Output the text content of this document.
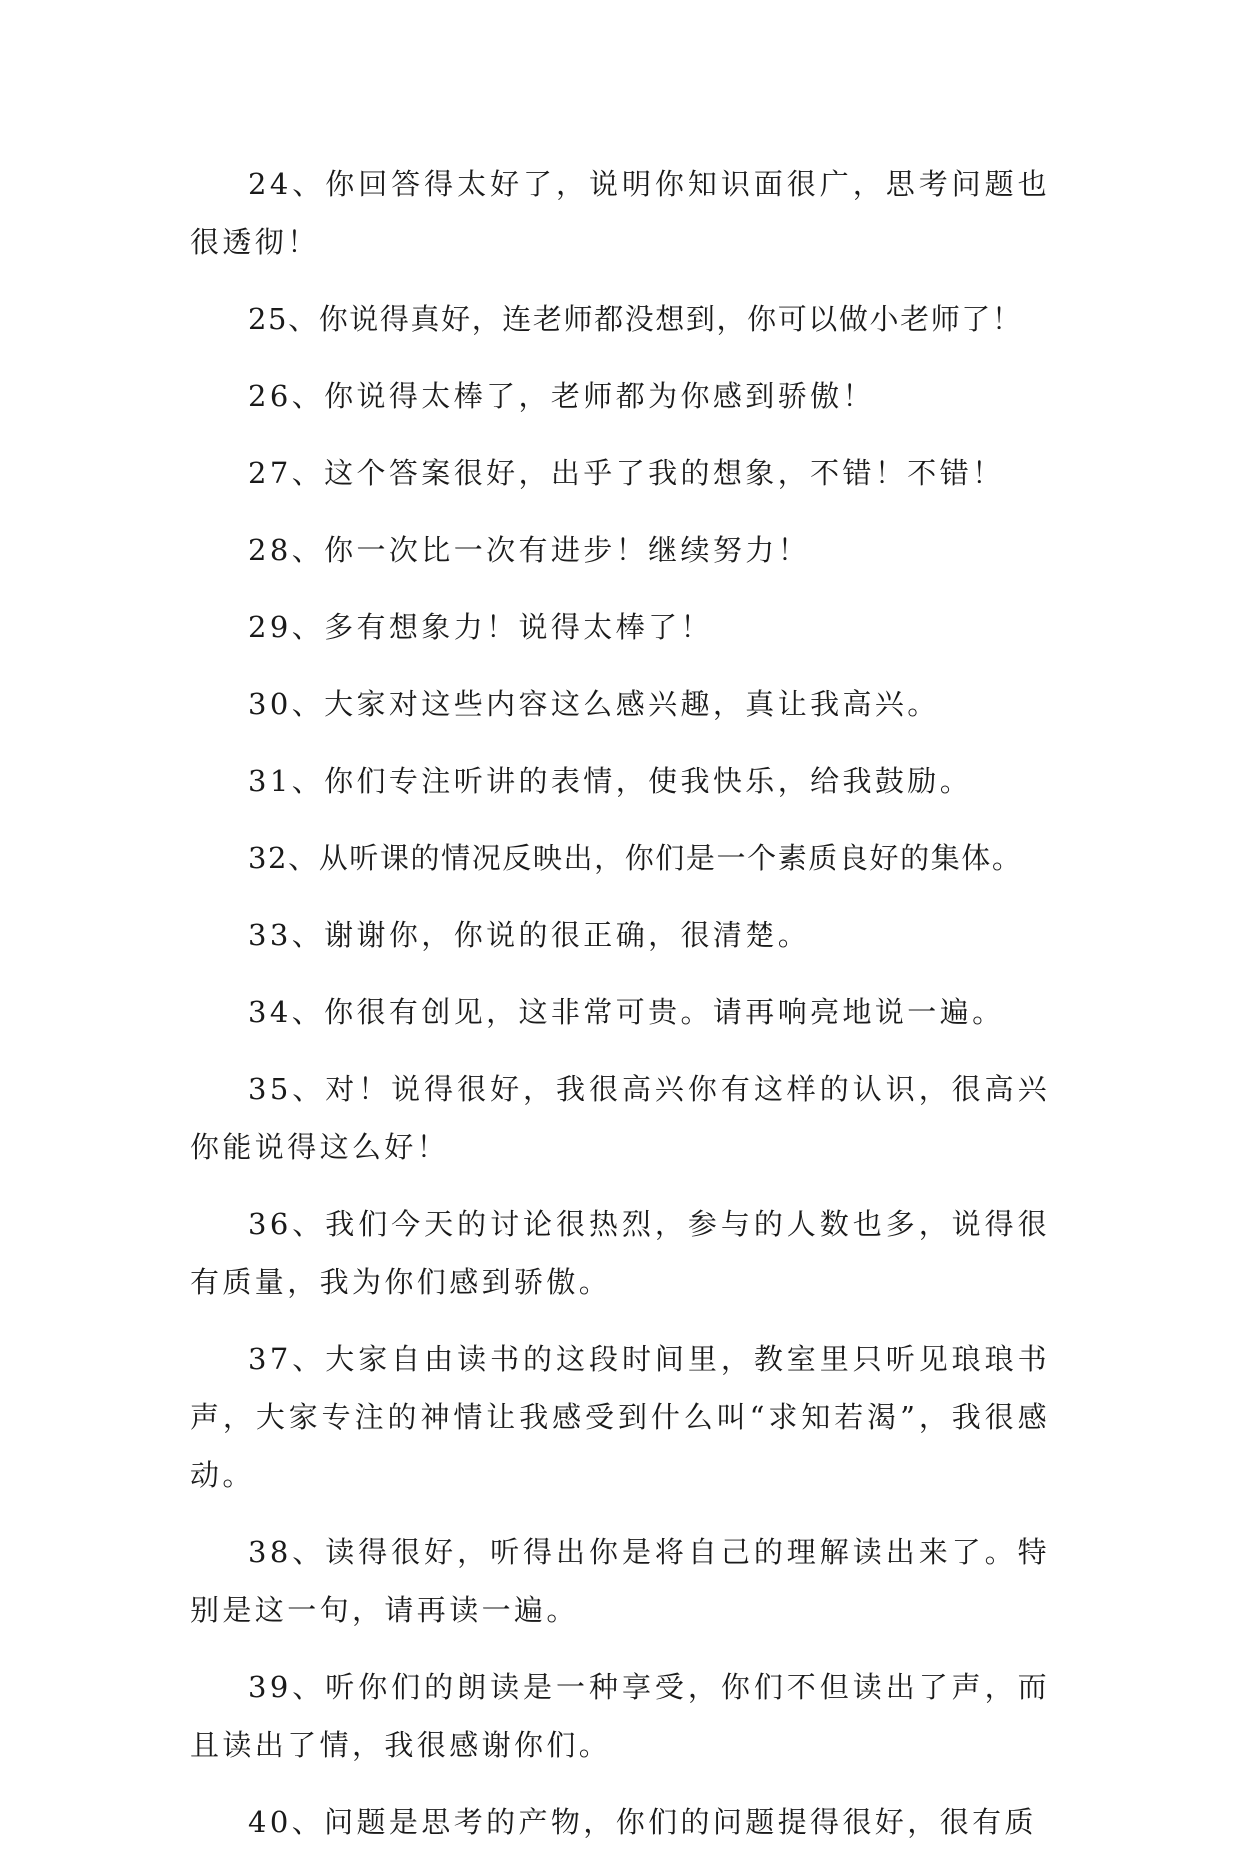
24、你回答得太好了，说明你知识面很广，思考问题也很透彻！

25、你说得真好，连老师都没想到，你可以做小老师了！

26、你说得太棒了，老师都为你感到骄傲！

27、这个答案很好，出乎了我的想象，不错！不错！

28、你一次比一次有进步！继续努力！

29、多有想象力！说得太棒了！

30、大家对这些内容这么感兴趣，真让我高兴。

31、你们专注听讲的表情，使我快乐，给我鼓励。

32、从听课的情况反映出，你们是一个素质良好的集体。

33、谢谢你，你说的很正确，很清楚。

34、你很有创见，这非常可贵。请再响亮地说一遍。

35、对！说得很好，我很高兴你有这样的认识，很高兴你能说得这么好！

36、我们今天的讨论很热烈，参与的人数也多，说得很有质量，我为你们感到骄傲。

37、大家自由读书的这段时间里，教室里只听见琅琅书声，大家专注的神情让我感受到什么叫“求知若渴”，我很感动。

38、读得很好，听得出你是将自己的理解读出来了。特别是这一句，请再读一遍。

39、听你们的朗读是一种享受，你们不但读出了声，而且读出了情，我很感谢你们。

40、问题是思考的产物，你们的问题提得很好，很有质
